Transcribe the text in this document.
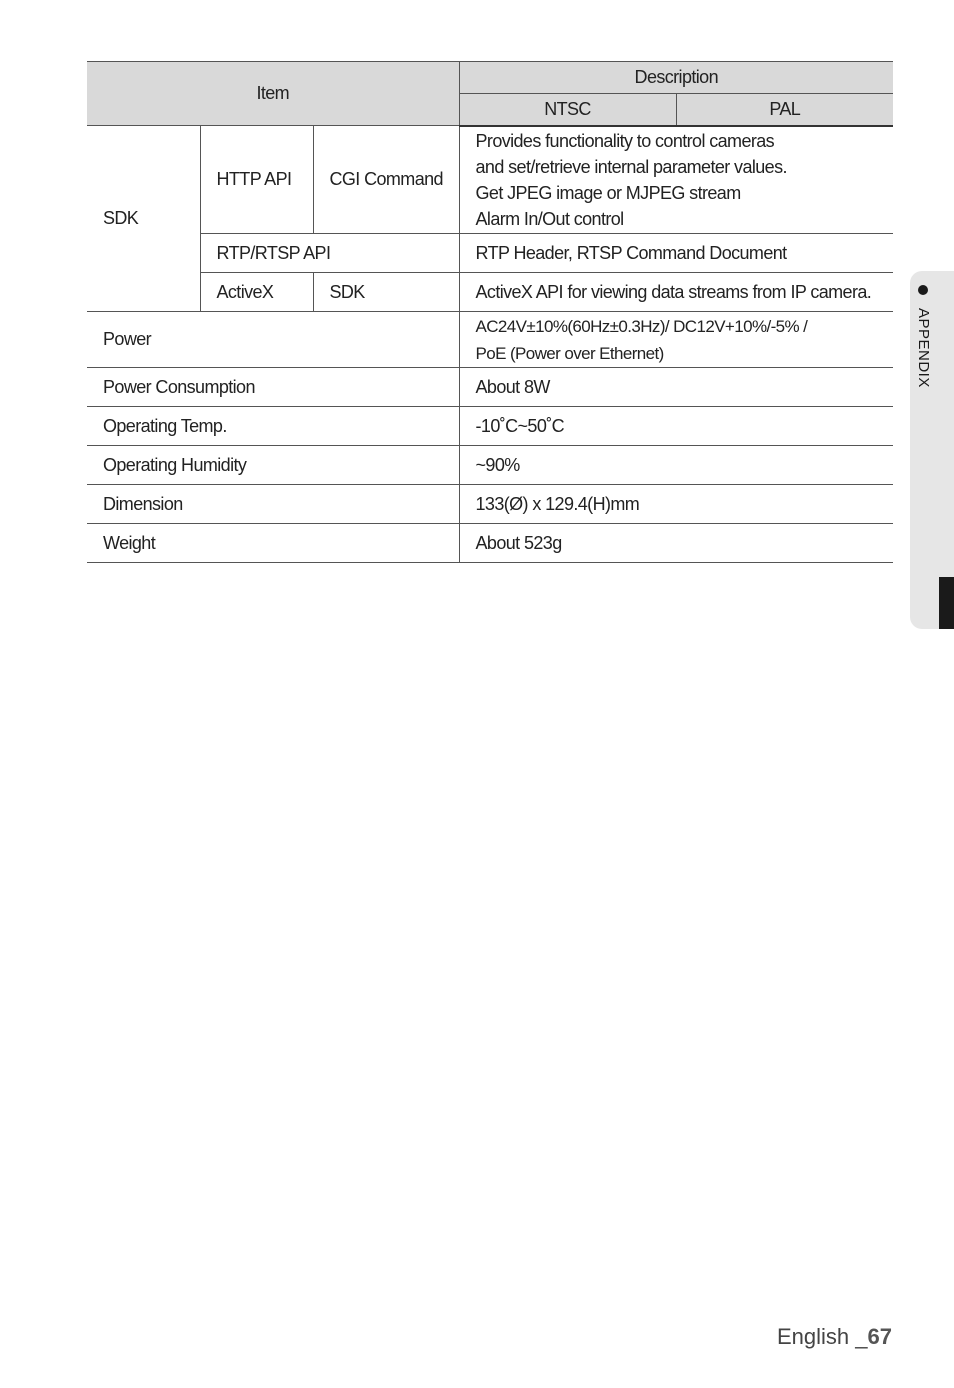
Item			Description	
			NTSC	PAL
SDK	HTTP API	CGI Command	Provides functionality to control cameras
and set/retrieve internal parameter values.
Get JPEG image or MJPEG stream
Alarm In/Out control	

	RTP/RTSP API		RTP Header, RTSP Command Document	
	ActiveX	SDK	ActiveX API for viewing data streams from IP camera.	
Power			AC24V±10%(60Hz±0.3Hz)/ DC12V+10%/-5% /
PoE (Power over Ethernet)	

Power Consumption			About 8W	
Operating Temp.			-10˚C~50˚C	
Operating Humidity			~90%	
Dimension			133(Ø) x 129.4(H)mm	
Weight			About 523g	
APPENDIX
English _67
